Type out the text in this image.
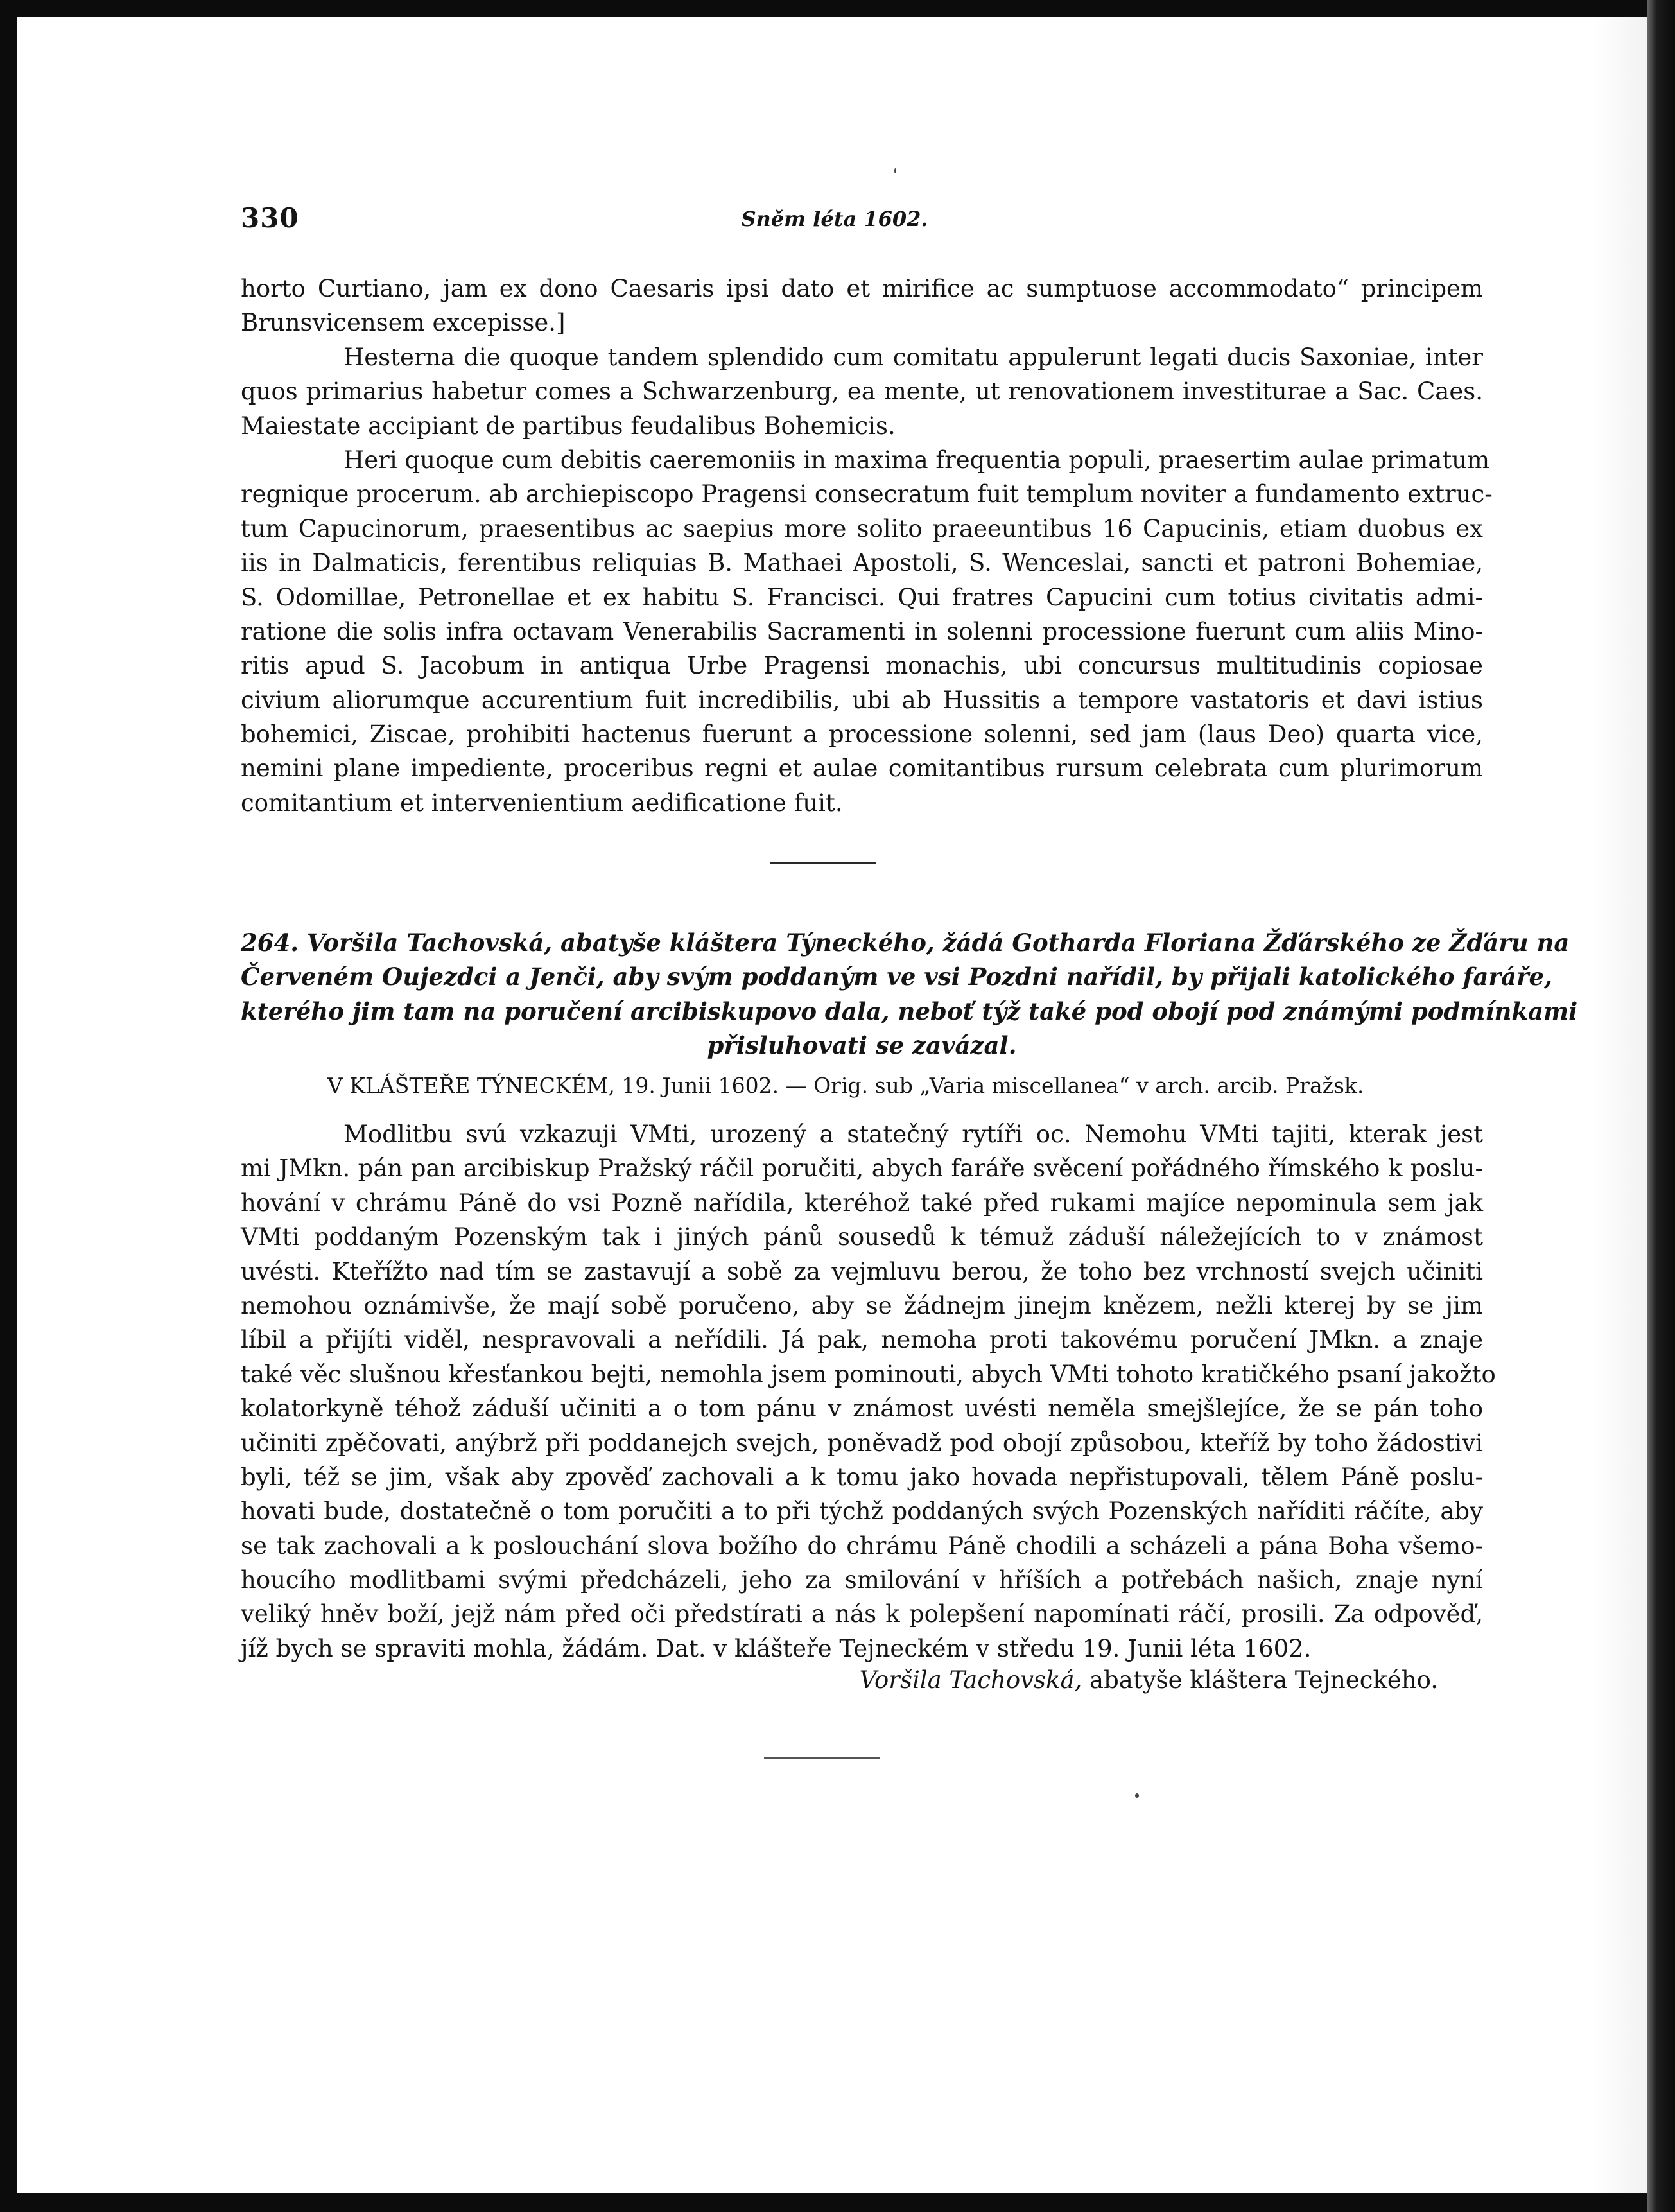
330	Sněm léta 1602.
horto Curtiano, jam ex dono Caesaris ipsi dato et mirifice ac sumptuose accommodato“ principem
Brunsvicensem excepisse.]
Hesterna die quoque tandem splendido cum comitatu appulerunt legati ducis Saxoniae, inter
quos primarius habetur comes a Schwarzenburg, ea mente, ut renovationem investiturae a Sac. Caes.
Maiestate accipiant de partibus feudalibus Bohemicis.
Heri quoque cum debitis caeremoniis in maxima frequentia populi, praesertim aulae primatum
regnique procerum. ab archiepiscopo Pragensi consecratum fuit templum noviter a fundamento extruc-
tum Capucinorum, praesentibus ac saepius more solito praeeuntibus 16 Capucinis, etiam duobus ex
iis in Dalmaticis, ferentibus reliquias B. Mathaei Apostoli, S. Wenceslai, sancti et patroni Bohemiae,
S. Odomillae, Petronellae et ex habitu S. Francisci. Qui fratres Capucini cum totius civitatis admi-
ratione die solis infra octavam Venerabilis Sacramenti in solenni processione fuerunt cum aliis Mino-
ritis apud S. Jacobum in antiqua Urbe Pragensi monachis, ubi concursus multitudinis copiosae
civium aliorumque accurentium fuit incredibilis, ubi ab Hussitis a tempore vastatoris et davi istius
bohemici, Ziscae, prohibiti hactenus fuerunt a processione solenni, sed jam (laus Deo) quarta vice,
nemini plane impediente, proceribus regni et aulae comitantibus rursum celebrata cum plurimorum
comitantium et intervenientium aedificatione fuit.
264. Voršila Tachovská, abatyše kláštera Týneckého, žádá Gotharda Floriana Žďárského ze Žďáru na
Červeném Oujezdci a Jenči, aby svým poddaným ve vsi Pozdni nařídil, by přijali katolického faráře,
kterého jim tam na poručení arcibiskupovo dala, neboť týž také pod obojí pod známými podmínkami
přisluhovati se zavázal.
V KLÁŠTEŘE TÝNECKÉM, 19. Junii 1602. — Orig. sub „Varia miscellanea“ v arch. arcib. Pražsk.
Modlitbu svú vzkazuji VMti, urozený a statečný rytíři oc. Nemohu VMti tajiti, kterak jest
mi JMkn. pán pan arcibiskup Pražský ráčil poručiti, abych faráře svěcení pořádného římského k poslu-
hování v chrámu Páně do vsi Pozně nařídila, kteréhož také před rukami majíce nepominula sem jak
VMti poddaným Pozenským tak i jiných pánů sousedů k témuž záduší náležejících to v známost
uvésti. Kteřížto nad tím se zastavují a sobě za vejmluvu berou, že toho bez vrchností svejch učiniti
nemohou oznámivše, že mají sobě poručeno, aby se žádnejm jinejm knězem, nežli kterej by se jim
líbil a přijíti viděl, nespravovali a neřídili. Já pak, nemoha proti takovému poručení JMkn. a znaje
také věc slušnou křesťankou bejti, nemohla jsem pominouti, abych VMti tohoto kratičkého psaní jakožto
kolatorkyně téhož záduší učiniti a o tom pánu v známost uvésti neměla smejšlejíce, že se pán toho
učiniti zpěčovati, anýbrž při poddanejch svejch, poněvadž pod obojí způsobou, kteříž by toho žádostivi
byli, též se jim, však aby zpověď zachovali a k tomu jako hovada nepřistupovali, tělem Páně poslu-
hovati bude, dostatečně o tom poručiti a to při týchž poddaných svých Pozenských naříditi ráčíte, aby
se tak zachovali a k poslouchání slova božího do chrámu Páně chodili a scházeli a pána Boha všemo-
houcího modlitbami svými předcházeli, jeho za smilování v hříších a potřebách našich, znaje nyní
veliký hněv boží, jejž nám před oči předstírati a nás k polepšení napomínati ráčí, prosili. Za odpověď,
jíž bych se spraviti mohla, žádám. Dat. v klášteře Tejneckém v středu 19. Junii léta 1602.
Voršila Tachovská, abatyše kláštera Tejneckého.
